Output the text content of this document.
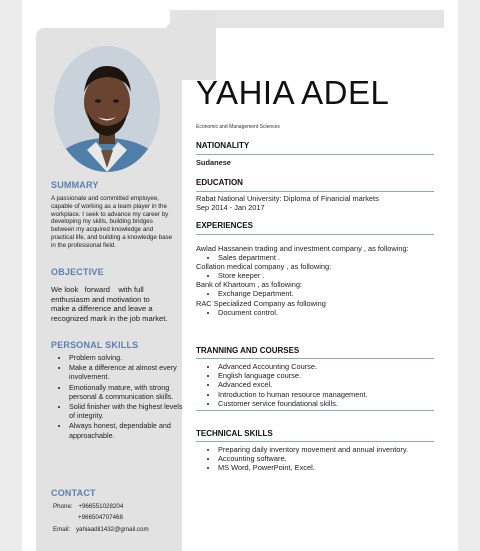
SUMMARY
A passionate and committed employee, capable of working as a team player in the workplace. I seek to advance my career by developing my skills, building bridges between my acquired knowledge and practical life, and building a knowledge base in the professional field.
OBJECTIVE
We look   forward    with full enthusiasm and motivation to make a difference and leave a recognized mark in the job market.
PERSONAL SKILLS
• Problem solving.
• Make a difference at almost every involvement.
• Emotionally mature, with strong personal & communication skills.
• Solid finisher with the highest levels of integrity.
• Always honest, dependable and approachable.
CONTACT
Phone: +966551028204
+966504707468
Email: yahiaadil1432@gmail.com
YAHIA ADEL
Economic and Management Sciences
NATIONALITY
Sudanese
EDUCATION
Rabat National University: Diploma of Financial markets
Sep 2014 - Jan 2017
EXPERIENCES
Awlad Hassanein trading and investment company , as following:
• Sales department .
Collation medical company , as following:
• Store keeper .
Bank of Khartoum , as following:
• Exchange Department.
RAC Specialized Company as following
• Document control.
TRANNING AND COURSES
• Advanced Accounting Course.
• English language course.
• Advanced excel.
• Introduction to human resource management.
• Customer service foundational skills.
TECHNICAL SKILLS
• Preparing daily inventory movement and annual inventory.
• Accounting software.
• MS Word, PowerPoint, Excel.
